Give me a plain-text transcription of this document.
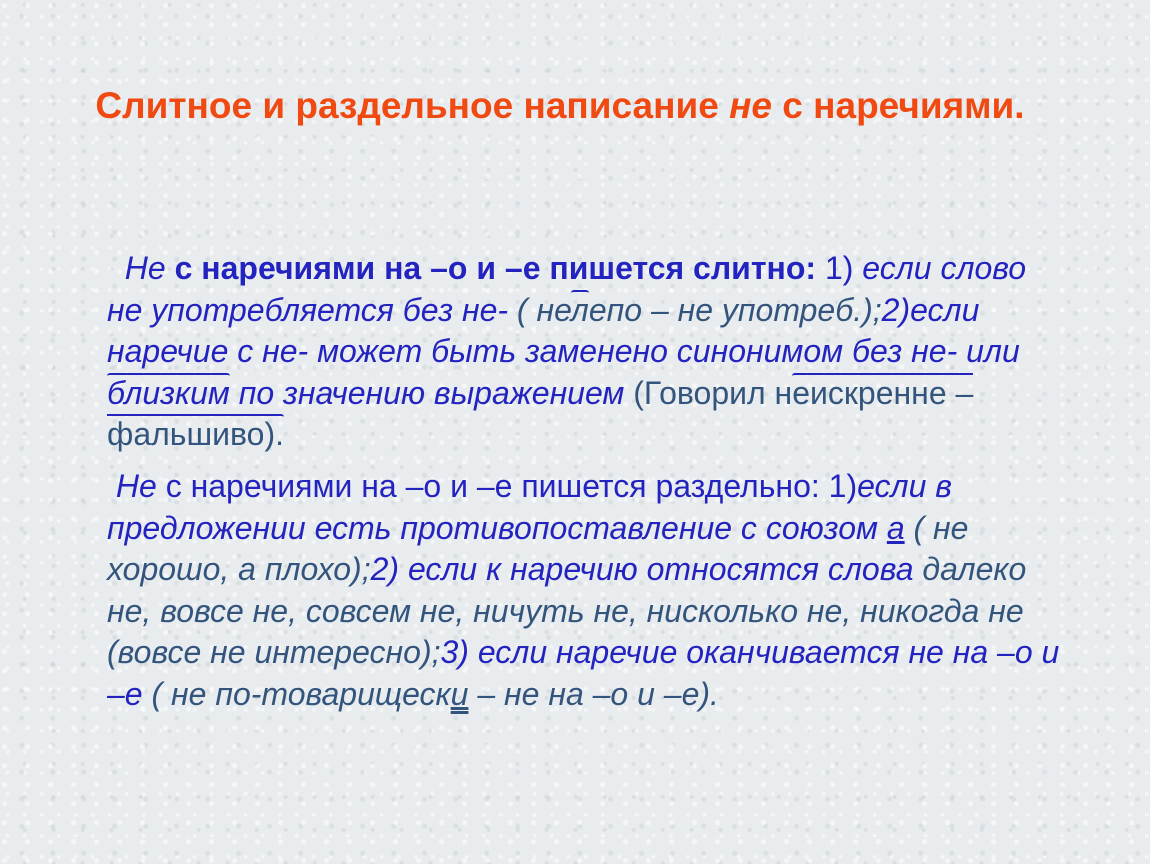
Слитное и раздельное написание не с наречиями.

Не с наречиями на –о и –е пишется слитно: 1) если слово не употребляется без не- ( нелепо – не употреб.);2)если наречие с не- может быть заменено синонимом без не- или близким по значению выражением (Говорил неискренне – фальшиво).

Не с наречиями на –о и –е пишется раздельно: 1)если в предложении есть противопоставление с союзом а ( не хорошо, а плохо);2) если к наречию относятся слова далеко не, вовсе не, совсем не, ничуть не, нисколько не, никогда не (вовсе не интересно);3) если наречие оканчивается не на –о и –е ( не по-товарищески – не на –о и –е).
